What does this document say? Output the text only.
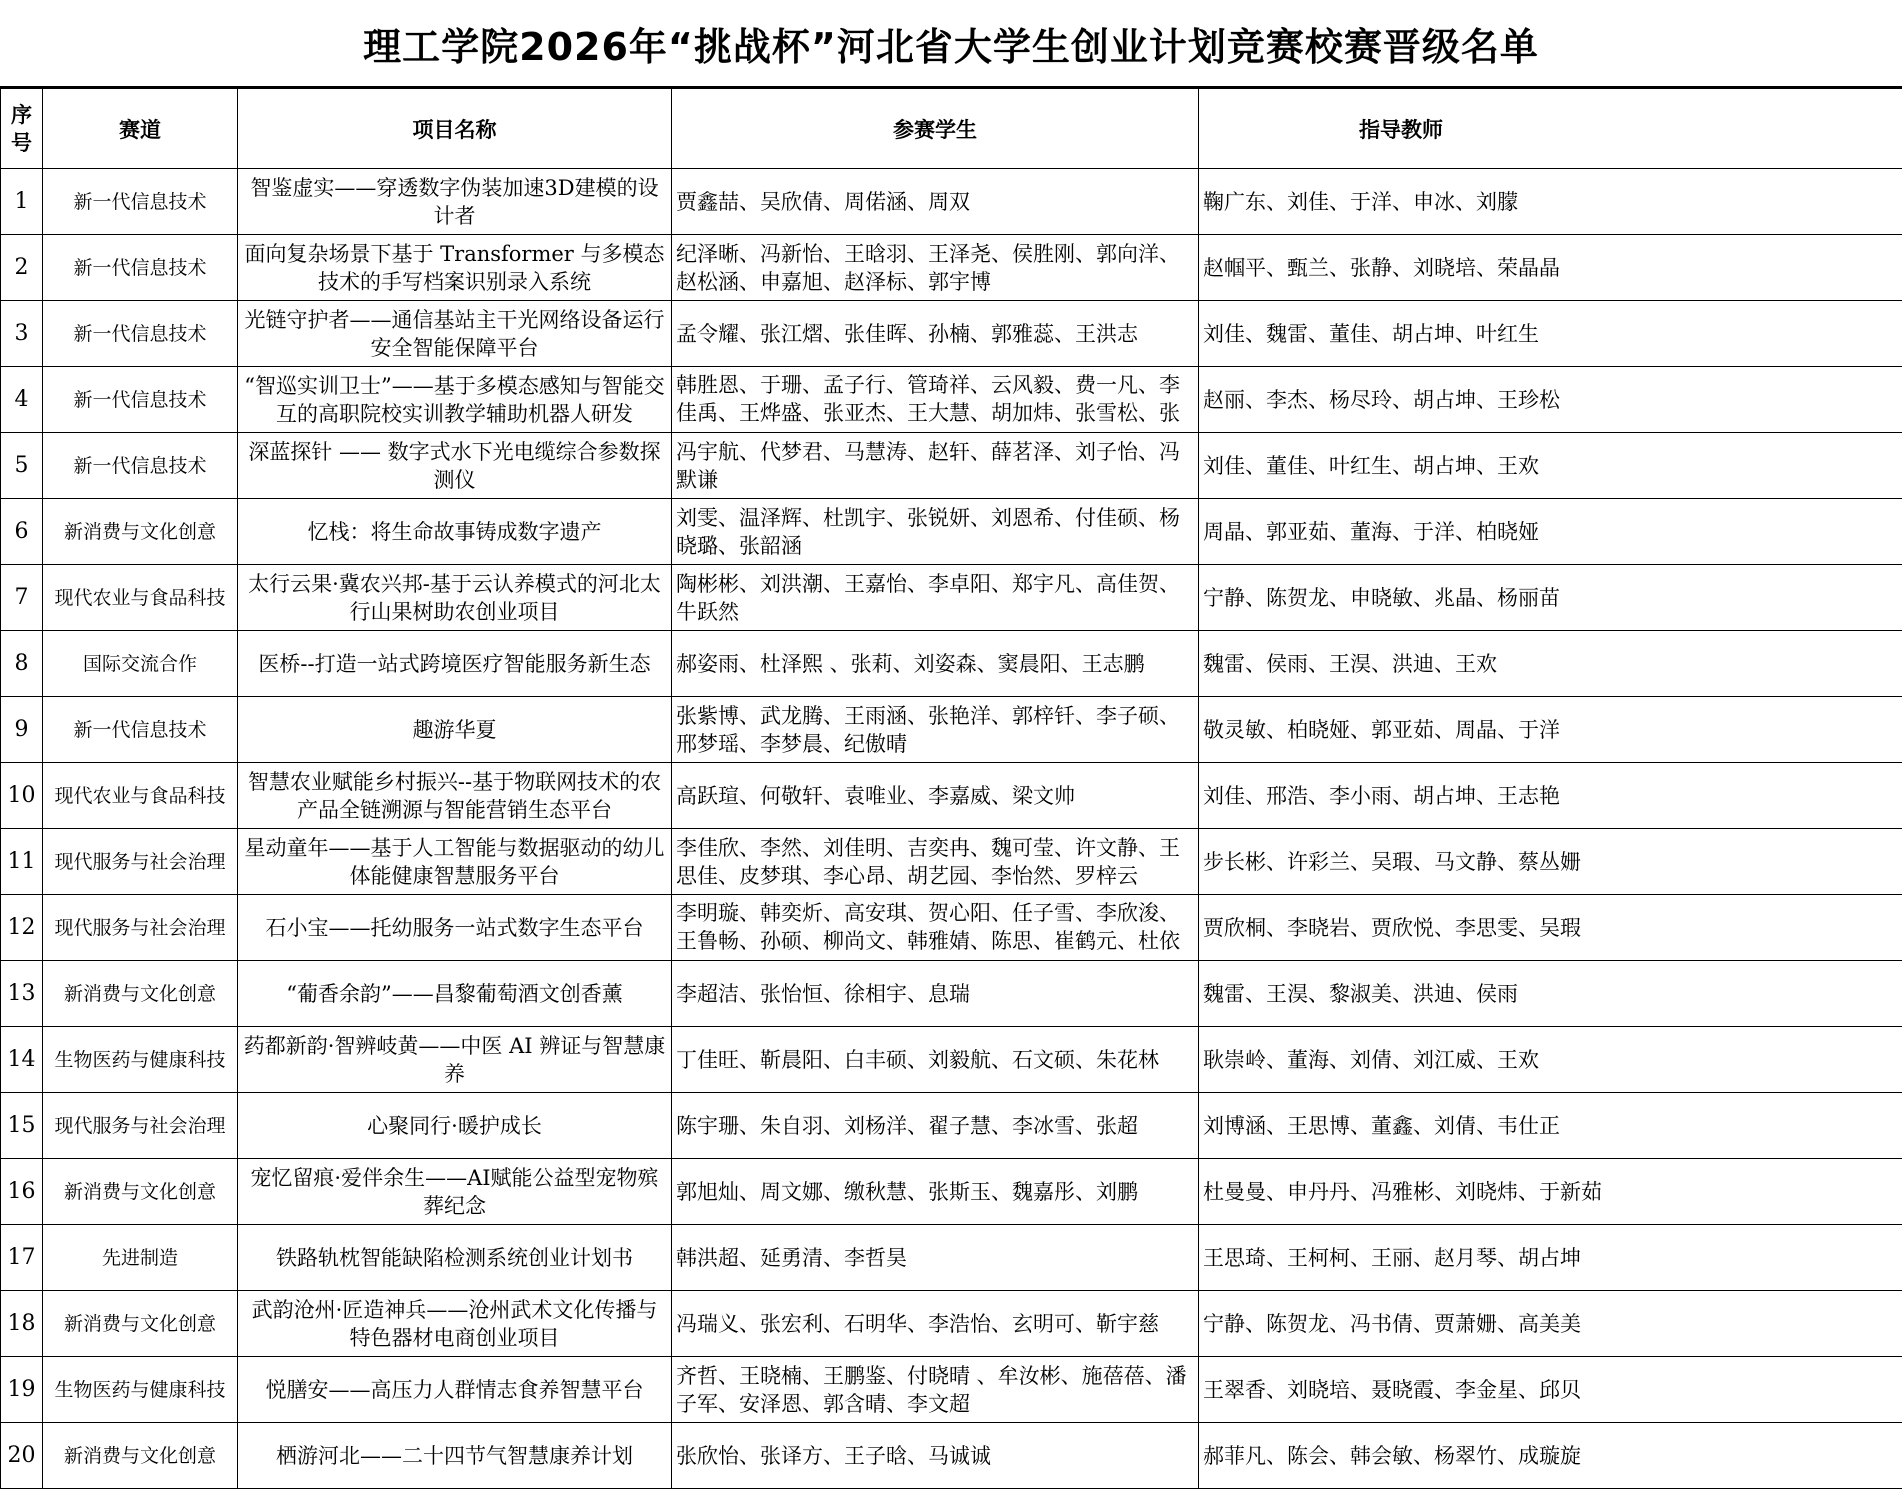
理工学院2026年“挑战杯”河北省大学生创业计划竞赛校赛晋级名单
序号	赛道	项目名称	参赛学生	指导教师

1	新一代信息技术	智鉴虚实——穿透数字伪装加速3D建模的设计者	贾鑫喆、吴欣倩、周偌涵、周双	鞠广东、刘佳、于洋、申冰、刘朦

2	新一代信息技术	面向复杂场景下基于 Transformer 与多模态技术的手写档案识别录入系统	纪泽晰、冯新怡、王晗羽、王泽尧、侯胜刚、郭向洋、赵松涵、申嘉旭、赵泽标、郭宇博	赵帼平、甄兰、张静、刘晓培、荣晶晶

3	新一代信息技术	光链守护者——通信基站主干光网络设备运行安全智能保障平台	孟令耀、张江熠、张佳晖、孙楠、郭雅蕊、王洪志	刘佳、魏雷、董佳、胡占坤、叶红生

4	新一代信息技术	“智巡实训卫士”——基于多模态感知与智能交互的高职院校实训教学辅助机器人研发	韩胜恩、于珊、孟子行、管琦祥、云风毅、费一凡、李佳禹、王烨盛、张亚杰、王大慧、胡加炜、张雪松、张	赵丽、李杰、杨尽玲、胡占坤、王珍松

5	新一代信息技术	深蓝探针 —— 数字式水下光电缆综合参数探测仪	冯宇航、代梦君、马慧涛、赵轩、薛茗泽、刘子怡、冯默谦	刘佳、董佳、叶红生、胡占坤、王欢

6	新消费与文化创意	忆栈：将生命故事铸成数字遗产	刘雯、温泽辉、杜凯宇、张锐妍、刘恩希、付佳硕、杨晓璐、张韶涵	周晶、郭亚茹、董海、于洋、柏晓娅

7	现代农业与食品科技	太行云果·冀农兴邦-基于云认养模式的河北太行山果树助农创业项目	陶彬彬、刘洪潮、王嘉怡、李卓阳、郑宇凡、高佳贺、牛跃然	宁静、陈贺龙、申晓敏、兆晶、杨丽苗

8	国际交流合作	医桥--打造一站式跨境医疗智能服务新生态	郝姿雨、杜泽熙 、张莉、刘姿森、窦晨阳、王志鹏	魏雷、侯雨、王淏、洪迪、王欢

9	新一代信息技术	趣游华夏	张紫博、武龙腾、王雨涵、张艳洋、郭梓钎、李子硕、邢梦瑶、李梦晨、纪傲晴	敬灵敏、柏晓娅、郭亚茹、周晶、于洋

10	现代农业与食品科技	智慧农业赋能乡村振兴--基于物联网技术的农产品全链溯源与智能营销生态平台	高跃瑄、何敬轩、袁唯业、李嘉威、梁文帅	刘佳、邢浩、李小雨、胡占坤、王志艳

11	现代服务与社会治理	星动童年——基于人工智能与数据驱动的幼儿体能健康智慧服务平台	李佳欣、李然、刘佳明、吉奕冉、魏可莹、许文静、王思佳、皮梦琪、李心昂、胡艺园、李怡然、罗梓云	步长彬、许彩兰、吴瑕、马文静、蔡丛姗

12	现代服务与社会治理	石小宝——托幼服务一站式数字生态平台	李明璇、韩奕炘、高安琪、贺心阳、任子雪、李欣浚、王鲁畅、孙硕、柳尚文、韩雅婧、陈思、崔鹤元、杜依	贾欣桐、李晓岩、贾欣悦、李思雯、吴瑕

13	新消费与文化创意	“葡香余韵”——昌黎葡萄酒文创香薰	李超洁、张怡恒、徐相宇、息瑞	魏雷、王淏、黎淑美、洪迪、侯雨

14	生物医药与健康科技	药都新韵·智辨岐黄——中医 AI 辨证与智慧康养	丁佳旺、靳晨阳、白丰硕、刘毅航、石文硕、朱花林	耿崇岭、董海、刘倩、刘江威、王欢

15	现代服务与社会治理	心聚同行·暖护成长	陈宇珊、朱自羽、刘杨洋、翟子慧、李冰雪、张超	刘博涵、王思博、董鑫、刘倩、韦仕正

16	新消费与文化创意	宠忆留痕·爱伴余生——AI赋能公益型宠物殡葬纪念	郭旭灿、周文娜、缴秋慧、张斯玉、魏嘉彤、刘鹏	杜曼曼、申丹丹、冯雅彬、刘晓炜、于新茹

17	先进制造	铁路轨枕智能缺陷检测系统创业计划书	韩洪超、延勇清、李哲昊	王思琦、王柯柯、王丽、赵月琴、胡占坤

18	新消费与文化创意	武韵沧州·匠造神兵——沧州武术文化传播与特色器材电商创业项目	冯瑞义、张宏利、石明华、李浩怡、玄明可、靳宇慈	宁静、陈贺龙、冯书倩、贾萧姗、高美美

19	生物医药与健康科技	悦膳安——高压力人群情志食养智慧平台	齐哲、王晓楠、王鹏鉴、付晓晴 、牟汝彬、施蓓蓓、潘子军、安泽恩、郭含晴、李文超	王翠香、刘晓培、聂晓霞、李金星、邱贝

20	新消费与文化创意	栖游河北——二十四节气智慧康养计划	张欣怡、张译方、王子晗、马诚诚	郝菲凡、陈会、韩会敏、杨翠竹、成璇旋
